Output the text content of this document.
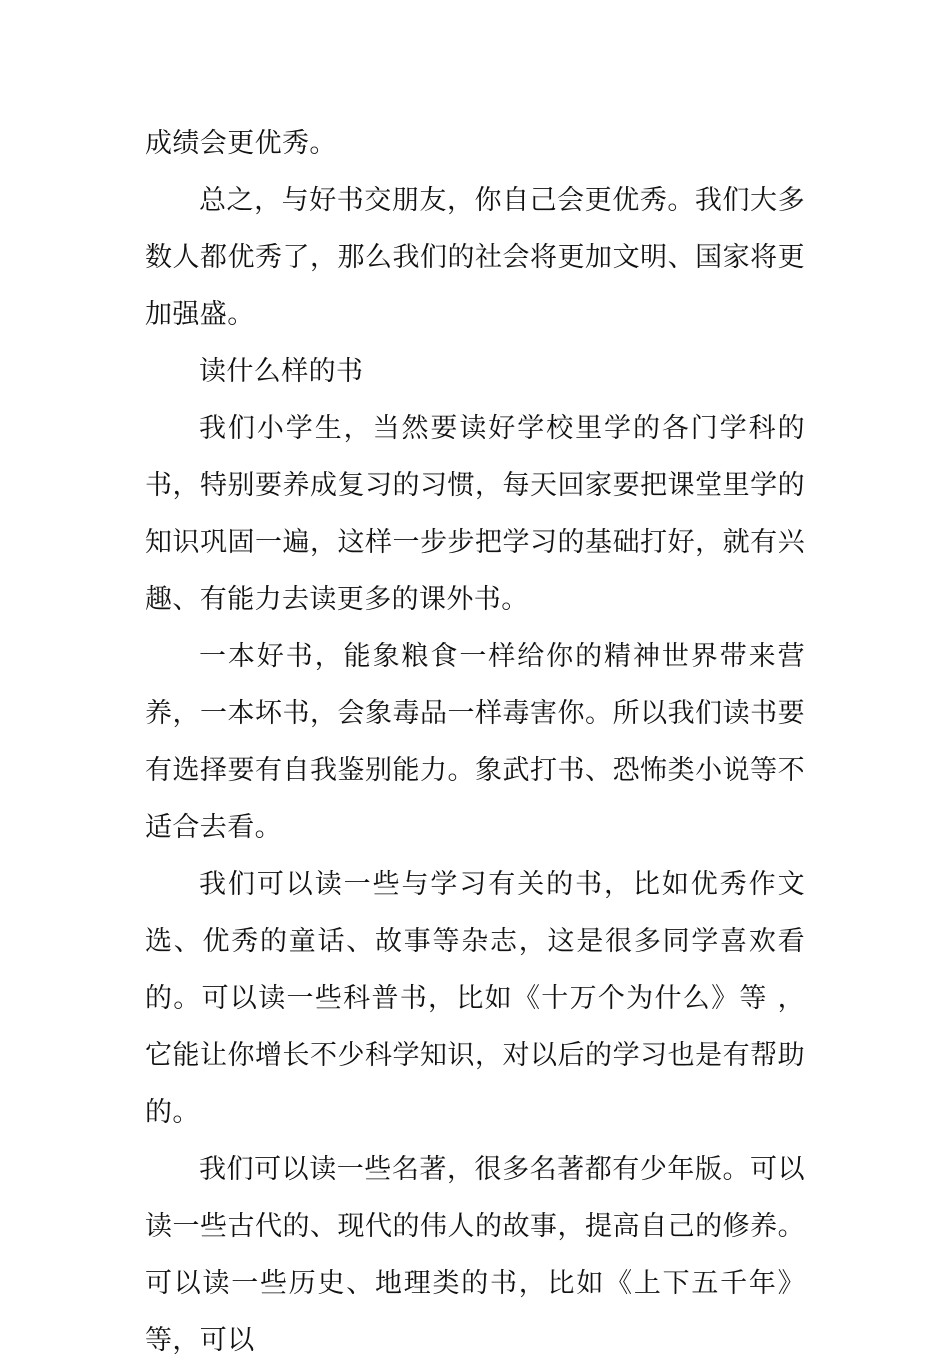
成绩会更优秀。

总之，与好书交朋友，你自己会更优秀。我们大多数人都优秀了，那么我们的社会将更加文明、国家将更加强盛。

读什么样的书

我们小学生，当然要读好学校里学的各门学科的书，特别要养成复习的习惯，每天回家要把课堂里学的知识巩固一遍，这样一步步把学习的基础打好，就有兴趣、有能力去读更多的课外书。

一本好书，能象粮食一样给你的精神世界带来营养，一本坏书，会象毒品一样毒害你。所以我们读书要有选择要有自我鉴别能力。象武打书、恐怖类小说等不适合去看。

我们可以读一些与学习有关的书，比如优秀作文选、优秀的童话、故事等杂志，这是很多同学喜欢看的。可以读一些科普书，比如《十万个为什么》等 ，它能让你增长不少科学知识，对以后的学习也是有帮助的。

我们可以读一些名著，很多名著都有少年版。可以读一些古代的、现代的伟人的故事，提高自己的修养。可以读一些历史、地理类的书，比如《上下五千年》等，可以
